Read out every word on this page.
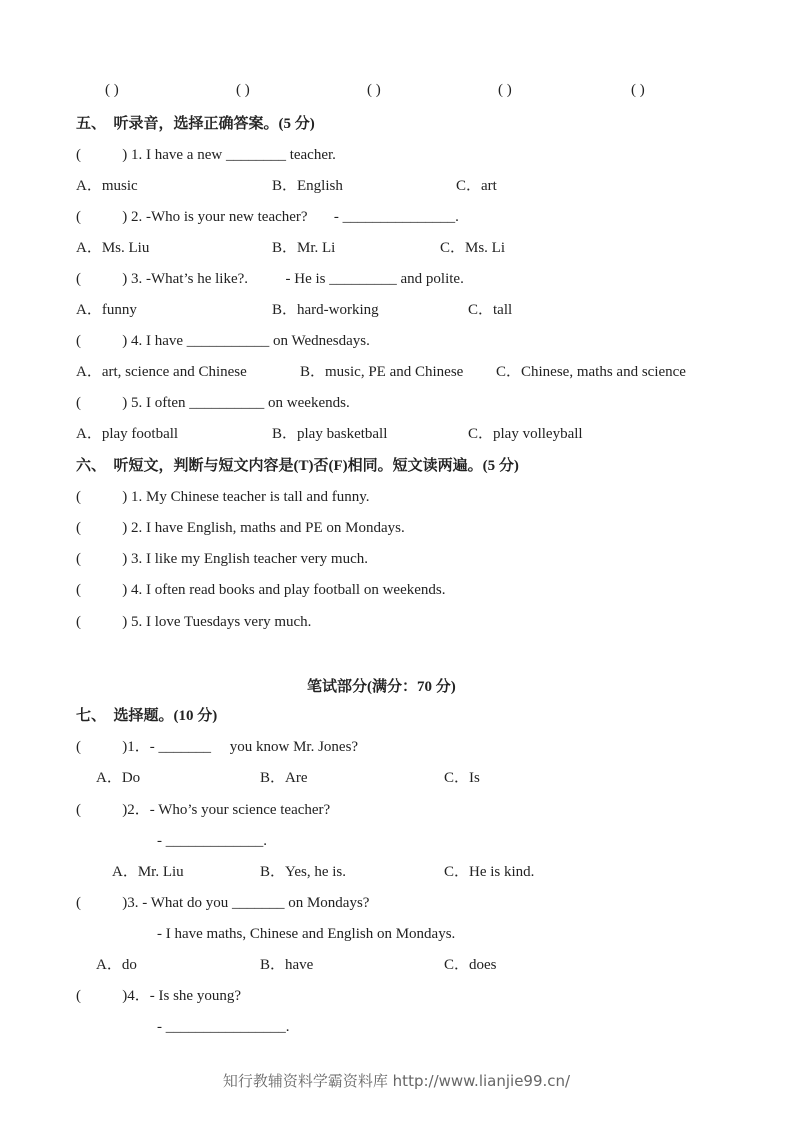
( )	( )	( )	( )	( )
五、  听录音，选择正确答案。(5 分)
(           ) 1. I have a new ________ teacher.
A．music	B．English	C．art
(           ) 2. -Who is your new teacher?       - _______________.
A．Ms. Liu	B．Mr. Li	C．Ms. Li
(           ) 3. -What’s he like?.          - He is _________ and polite.
A．funny	B．hard-working	C．tall
(           ) 4. I have ___________ on Wednesdays.
A．art, science and Chinese	B．music, PE and Chinese C．Chinese, maths and science
(           ) 5. I often __________ on weekends.
A．play football	B．play basketball	C．play volleyball
六、  听短文，判断与短文内容是(T)否(F)相同。短文读两遍。(5 分)
(           ) 1. My Chinese teacher is tall and funny.
(           ) 2. I have English, maths and PE on Mondays.
(           ) 3. I like my English teacher very much.
(           ) 4. I often read books and play football on weekends.
(           ) 5. I love Tuesdays very much.
笔试部分(满分：70 分)
七、  选择题。(10 分)
(           )1．- _______     you know Mr. Jones?
A．Do	B．Are	C．Is
(           )2．- Who’s your science teacher?
- _____________.
A．Mr. Liu	B．Yes, he is.	C．He is kind.
(           )3. - What do you _______ on Mondays?
- I have maths, Chinese and English on Mondays.
A．do	B．have	C．does
(           )4．- Is she young?
- ________________.
知行教辅资料学霸资料库 http://www.lianjie99.cn/
